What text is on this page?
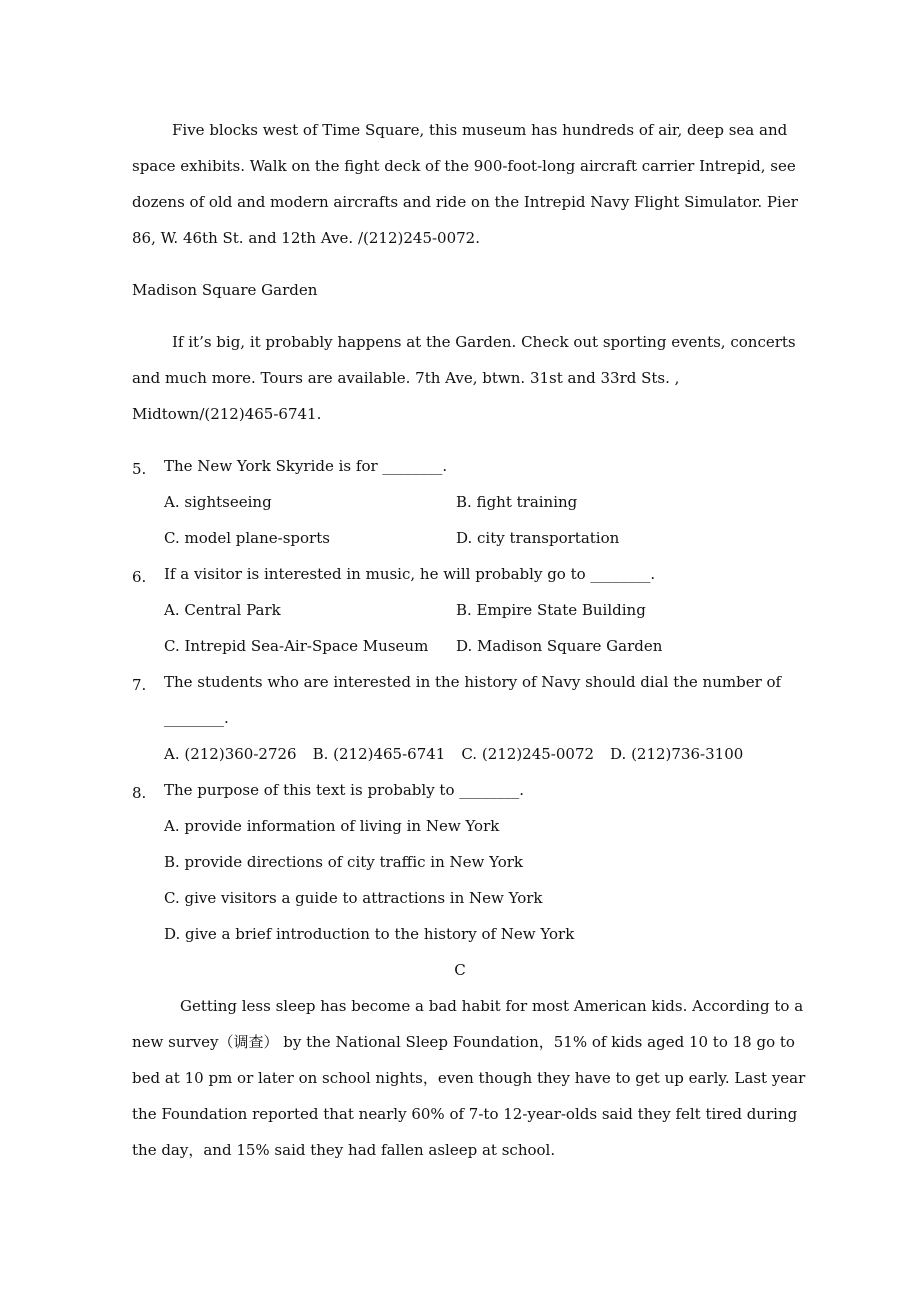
Five blocks west of Time Square, this museum has hundreds of air, deep sea and space exhibits. Walk on the fight deck of the 900-foot-long aircraft carrier Intrepid, see dozens of old and modern aircrafts and ride on the Intrepid Navy Flight Simulator. Pier 86, W. 46th St. and 12th Ave. /(212)245-0072.

Madison Square Garden

If it’s big, it probably happens at the Garden. Check out sporting events, concerts and much more. Tours are available. 7th Ave, btwn. 31st and 33rd Sts. , Midtown/(212)465-6741.

5.	The New York Skyride is for ________.
A. sightseeing	B. fight training
C. model plane-sports	D. city transportation
6.	If a visitor is interested in music, he will probably go to ________.
A. Central Park	B. Empire State Building
C. Intrepid Sea-Air-Space Museum	D. Madison Square Garden
7.	The students who are interested in the history of Navy should dial the number of ________.
A. (212)360-2726 B. (212)465-6741 C. (212)245-0072 D. (212)736-3100
8.	The purpose of this text is probably to ________.
A. provide information of living in New York
B. provide directions of city traffic in New York
C. give visitors a guide to attractions in New York
D. give a brief introduction to the history of New York
C

Getting less sleep has become a bad habit for most American kids. According to a new survey（调查） by the National Sleep Foundation，51% of kids aged 10 to 18 go to bed at 10 pm or later on school nights，even though they have to get up early. Last year the Foundation reported that nearly 60% of 7-to 12-year-olds said they felt tired during the day，and 15% said they had fallen asleep at school.
